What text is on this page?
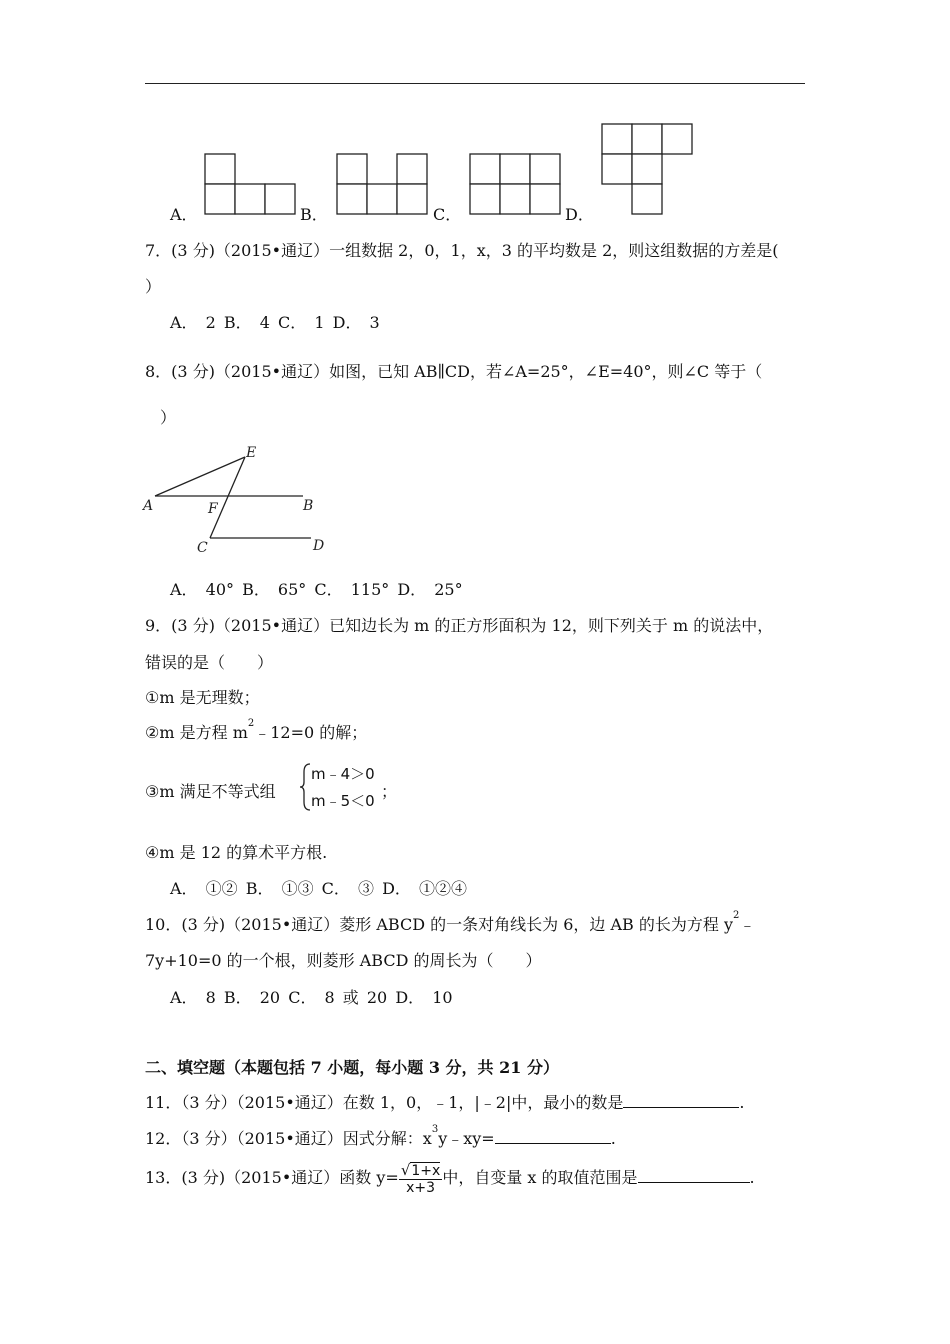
A．	B．	C．	D．
7．(3 分)（2015•通辽）一组数据 2，0，1，x，3 的平均数是 2，则这组数据的方差是(
）
A． 2 B． 4 C． 1 D． 3
8．(3 分)（2015•通辽）如图，已知 AB∥CD，若∠A=25°，∠E=40°，则∠C 等于（
）
E
A	B
F
C	D
A． 40° B． 65° C． 115° D． 25°
9．(3 分)（2015•通辽）已知边长为 m 的正方形面积为 12，则下列关于 m 的说法中，
错误的是（　　）
①m 是无理数；
②m 是方程 $m^2﹣12=0$ 的解；
③m 满足不等式组
m﹣4＞0
m﹣5＜0 ；
④m 是 12 的算术平方根.
A． ①② B． ①③ C． ③ D． ①②④
10．(3 分)（2015•通辽）菱形 ABCD 的一条对角线长为 6，边 AB 的长为方程 $y^2﹣$
7y+10=0 的一个根，则菱形 ABCD 的周长为（　　）
A． 8 B． 20 C． 8 或 20 D． 10
二、填空题（本题包括 7 小题，每小题 3 分，共 21 分）
11．（3 分）（2015•通辽）在数 1，0，﹣1，|﹣2|中，最小的数是	.
12．（3 分）（2015•通辽）因式分解：$x^3y﹣xy=$	.
13．(3 分)（2015•通辽）函数 $y= \frac{√1+x}{x+3}$ 中，自变量 x 的取值范围是	.
